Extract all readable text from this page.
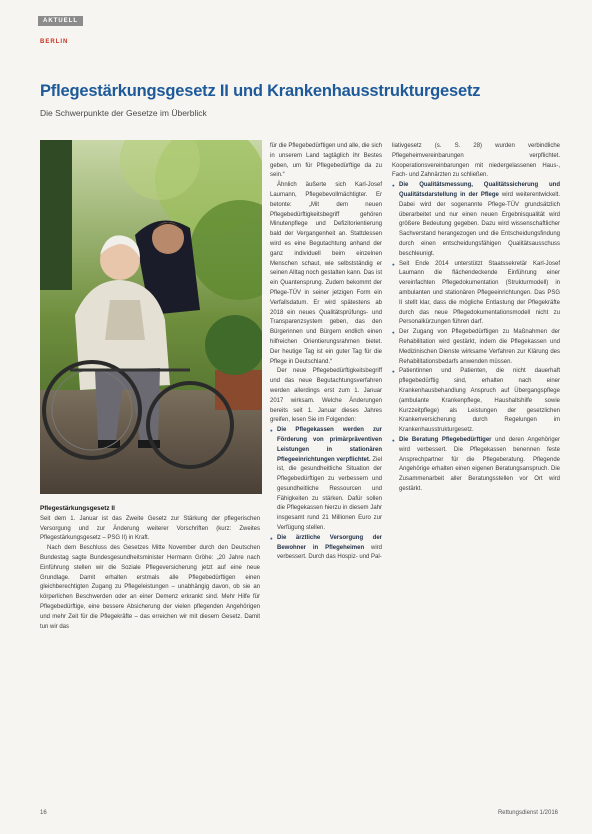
AKTUELL
BERLIN
Pflegestärkungsgesetz II und Krankenhausstrukturgesetz
Die Schwerpunkte der Gesetze im Überblick
Pflegestärkungsgesetz II

Seit dem 1. Januar ist das Zweite Gesetz zur Stärkung der pflegerischen Versorgung und zur Änderung weiterer Vorschriften (kurz: Zweites Pflegestärkungsgesetz – PSG II) in Kraft.

Nach dem Beschluss des Gesetzes Mitte November durch den Deutschen Bundestag sagte Bundesgesundheitsminister Hermann Gröhe: „20 Jahre nach Einführung stellen wir die Soziale Pflegeversicherung jetzt auf eine neue Grundlage. Damit erhalten erstmals alle Pflegebedürftigen einen gleichberechtigten Zugang zu Pflegeleistungen – unabhängig davon, ob sie an körperlichen Beschwerden oder an einer Demenz erkrankt sind. Mehr Hilfe für Pflegebedürftige, eine bessere Absicherung der vielen pflegenden Angehörigen und mehr Zeit für die Pflegekräfte – das erreichen wir mit diesem Gesetz. Damit tun wir das

für die Pflegebedürftigen und alle, die sich in unserem Land tagtäglich ihr Bestes geben, um für Pflegebedürftige da zu sein.“

Ähnlich äußerte sich Karl-Josef Laumann, Pflegebevollmächtigter. Er betonte: „Mit dem neuen Pflegebedürftigkeitsbegriff gehören Minutenpflege und Defizitorientierung bald der Vergangenheit an. Stattdessen wird es eine Begutachtung anhand der ganz individuell beim einzelnen Menschen schaut, wie selbstständig er seinen Alltag noch gestalten kann. Das ist ein Quantensprung. Zudem bekommt der Pflege-TÜV in seiner jetzigen Form ein Verfallsdatum. Er wird spätestens ab 2018 ein neues Qualitätsprüfungs- und Transparenzsystem geben, das den Bürgerinnen und Bürgern endlich einen hilfreichen Orientierungsrahmen bietet. Der heutige Tag ist ein guter Tag für die Pflege in Deutschland.“

Der neue Pflegebedürftigkeitsbegriff und das neue Begutachtungsverfahren werden allerdings erst zum 1. Januar 2017 wirksam. Welche Änderungen bereits seit 1. Januar dieses Jahres greifen, lesen Sie im Folgenden:

● Die Pflegekassen werden zur Förderung von primärpräventiven Leistungen in stationären Pflegeeinrichtungen verpflichtet. Ziel ist, die gesundheitliche Situation der Pflegebedürftigen zu verbessern und gesundheitliche Ressourcen und Fähigkeiten zu stärken. Dafür sollen die Pflegekassen hierzu in diesem Jahr insgesamt rund 21 Millionen Euro zur Verfügung stellen.
● Die ärztliche Versorgung der Bewohner in Pflegeheimen wird verbessert. Durch das Hospiz- und Pal-

liativgesetz (s. S. 28) wurden verbindliche Pflegeheimvereinbarungen verpflichtet. Kooperationsvereinbarungen mit niedergelassenen Haus-, Fach- und Zahnärzten zu schließen.

● Die Qualitätsmessung, Qualitätssicherung und Qualitätsdarstellung in der Pflege wird weiterentwickelt. Dabei wird der sogenannte Pflege-TÜV grundsätzlich überarbeitet und nur einen neuen Ergebnisqualität wird größere Bedeutung gegeben. Dazu wird wissenschaftlicher Sachverstand herangezogen und die Entscheidungsfindung durch einen entscheidungsfähigen Qualitätsausschuss beschleunigt.
● Seit Ende 2014 unterstützt Staatssekretär Karl-Josef Laumann die flächendeckende Einführung einer vereinfachten Pflegedokumentation (Strukturmodell) in ambulanten und stationären Pflegeeinrichtungen. Das PSG II stellt klar, dass die mögliche Entlastung der Pflegekräfte durch das neue Pflegedokumentationsmodell nicht zu Personalkürzungen führen darf.
● Der Zugang von Pflegebedürftigen zu Maßnahmen der Rehabilitation wird gestärkt, indem die Pflegekassen und Medizinischen Dienste wirksame Verfahren zur Klärung des Rehabilitationsbedarfs anwenden müssen.
● Patientinnen und Patienten, die nicht dauerhaft pflegebedürftig sind, erhalten nach einer Krankenhausbehandlung Anspruch auf Übergangspflege (ambulante Krankenpflege, Haushaltshilfe sowie Kurzzeitpflege) als Leistungen der gesetzlichen Krankenversicherung durch Regelungen im Krankenhausstrukturgesetz.
● Die Beratung Pflegebedürftiger und deren Angehöriger wird verbessert. Die Pflegekassen benennen feste Ansprechpartner für die Pflegeberatung. Pflegende Angehörige erhalten einen eigenen Beratungsanspruch. Die Zusammenarbeit aller Beratungsstellen vor Ort wird gestärkt.
16	Rettungsdienst 1/2016
